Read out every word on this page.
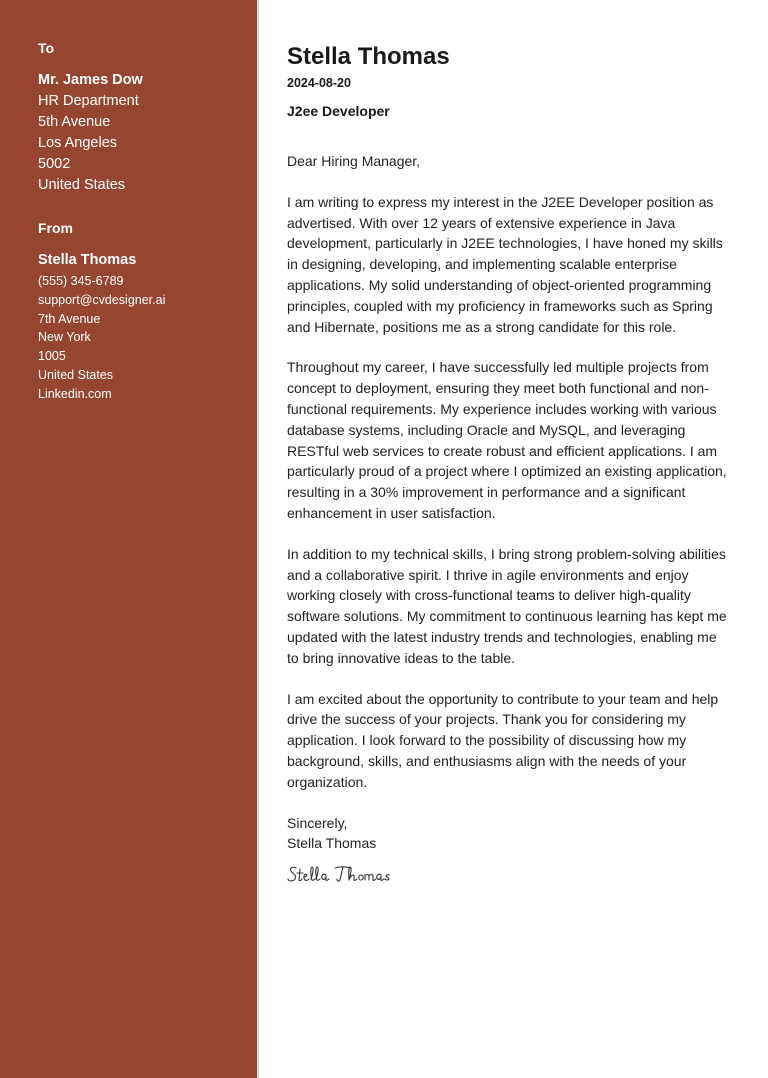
To
Mr. James Dow
HR Department
5th Avenue
Los Angeles
5002
United States
From
Stella Thomas
(555) 345-6789
support@cvdesigner.ai
7th Avenue
New York
1005
United States
Linkedin.com
Stella Thomas
2024-08-20
J2ee Developer
Dear Hiring Manager,

I am writing to express my interest in the J2EE Developer position as advertised. With over 12 years of extensive experience in Java development, particularly in J2EE technologies, I have honed my skills in designing, developing, and implementing scalable enterprise applications. My solid understanding of object-oriented programming principles, coupled with my proficiency in frameworks such as Spring and Hibernate, positions me as a strong candidate for this role.

Throughout my career, I have successfully led multiple projects from concept to deployment, ensuring they meet both functional and non-functional requirements. My experience includes working with various database systems, including Oracle and MySQL, and leveraging RESTful web services to create robust and efficient applications. I am particularly proud of a project where I optimized an existing application, resulting in a 30% improvement in performance and a significant enhancement in user satisfaction.

In addition to my technical skills, I bring strong problem-solving abilities and a collaborative spirit. I thrive in agile environments and enjoy working closely with cross-functional teams to deliver high-quality software solutions. My commitment to continuous learning has kept me updated with the latest industry trends and technologies, enabling me to bring innovative ideas to the table.

I am excited about the opportunity to contribute to your team and help drive the success of your projects. Thank you for considering my application. I look forward to the possibility of discussing how my background, skills, and enthusiasms align with the needs of your organization.

Sincerely,
Stella Thomas
